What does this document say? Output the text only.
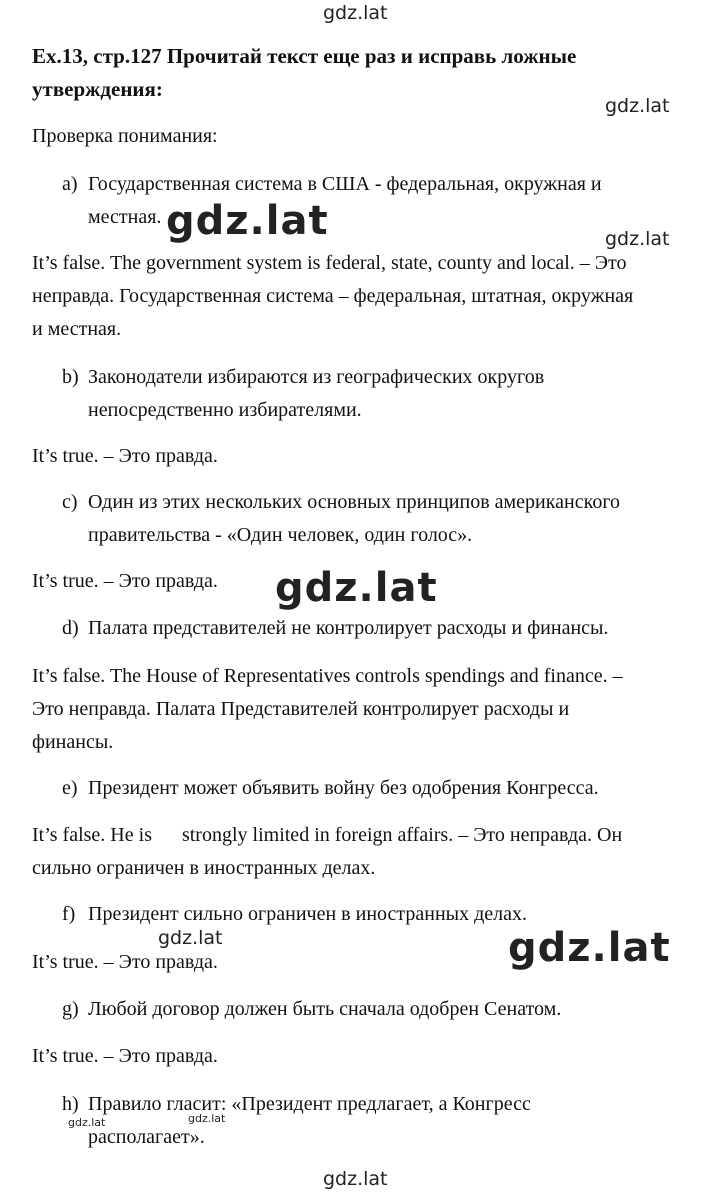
gdz.lat
gdz.lat
gdz.lat	gdz.lat
gdz.lat
gdz.lat	gdz.lat
gdz.lat	gdz.lat
gdz.lat
Ex.13, стр.127 Прочитай текст еще раз и исправь ложные
утверждения:
Проверка понимания:
a) Государственная система в США - федеральная, окружная и
местная.
It’s false. The government system is federal, state, county and local. – Это
неправда. Государственная система – федеральная, штатная, окружная
и местная.
b) Законодатели избираются из географических округов
непосредственно избирателями.
It’s true. – Это правда.
c) Один из этих нескольких основных принципов американского
правительства - «Один человек, один голос».
It’s true. – Это правда.
d) Палата представителей не контролирует расходы и финансы.
It’s false. The House of Representatives controls spendings and finance. –
Это неправда. Палата Представителей контролирует расходы и
финансы.
e) Президент может объявить войну без одобрения Конгресса.
It’s false. He is      strongly limited in foreign affairs. – Это неправда. Он
сильно ограничен в иностранных делах.
f) Президент сильно ограничен в иностранных делах.
It’s true. – Это правда.
g) Любой договор должен быть сначала одобрен Сенатом.
It’s true. – Это правда.
h) Правило гласит: «Президент предлагает, а Конгресс
располагает».
